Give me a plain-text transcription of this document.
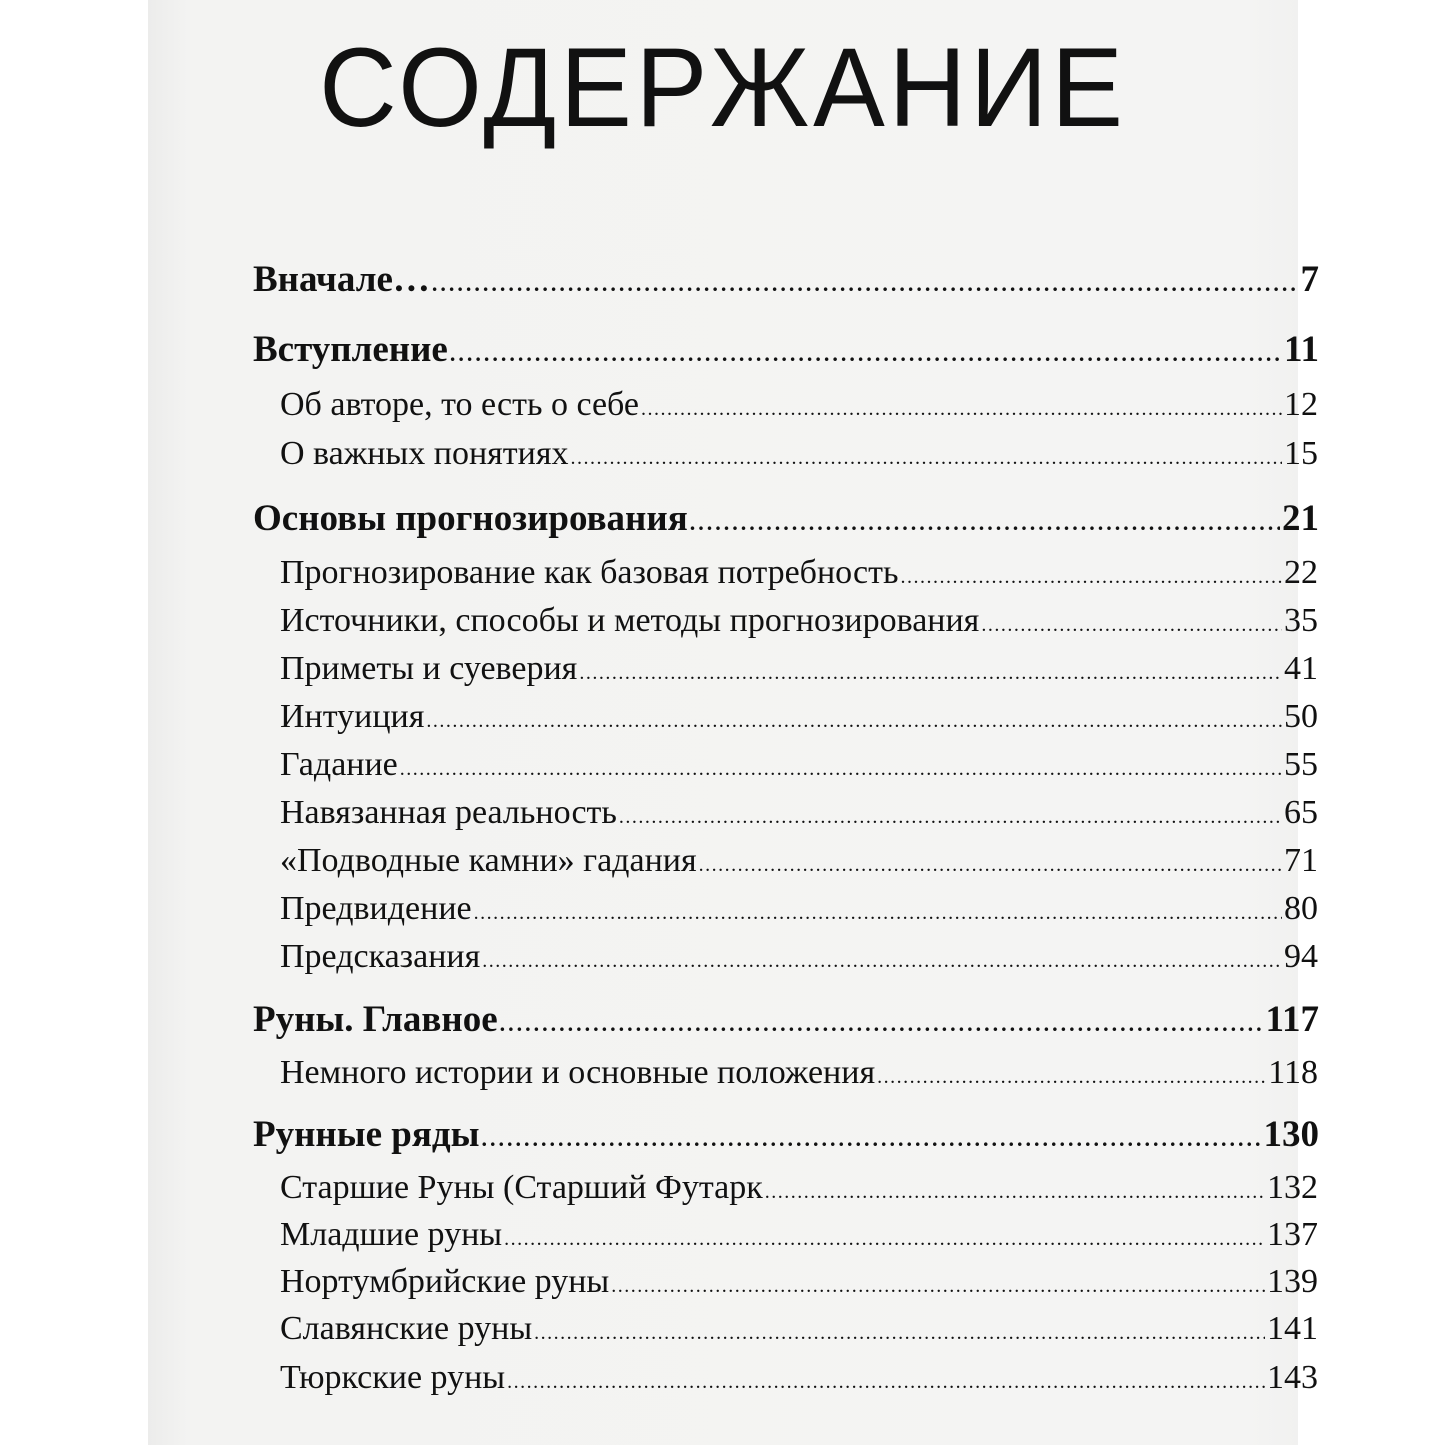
СОДЕРЖАНИЕ
Вначале… .....	7
Вступление .....	11
Об авторе, то есть о себе .....	12
О важных понятиях .....	15
Основы прогнозирования .....	21
Прогнозирование как базовая потребность .....	22
Источники, способы и методы прогнозирования .....	35
Приметы и суеверия .....	41
Интуиция .....	50
Гадание .....	55
Навязанная реальность .....	65
«Подводные камни» гадания .....	71
Предвидение .....	80
Предсказания .....	94
Руны. Главное .....	117
Немного истории и основные положения .....	118
Рунные ряды .....	130
Старшие Руны (Старший Футарк .....	132
Младшие руны .....	137
Нортумбрийские руны .....	139
Славянские руны .....	141
Тюркские руны .....	143
